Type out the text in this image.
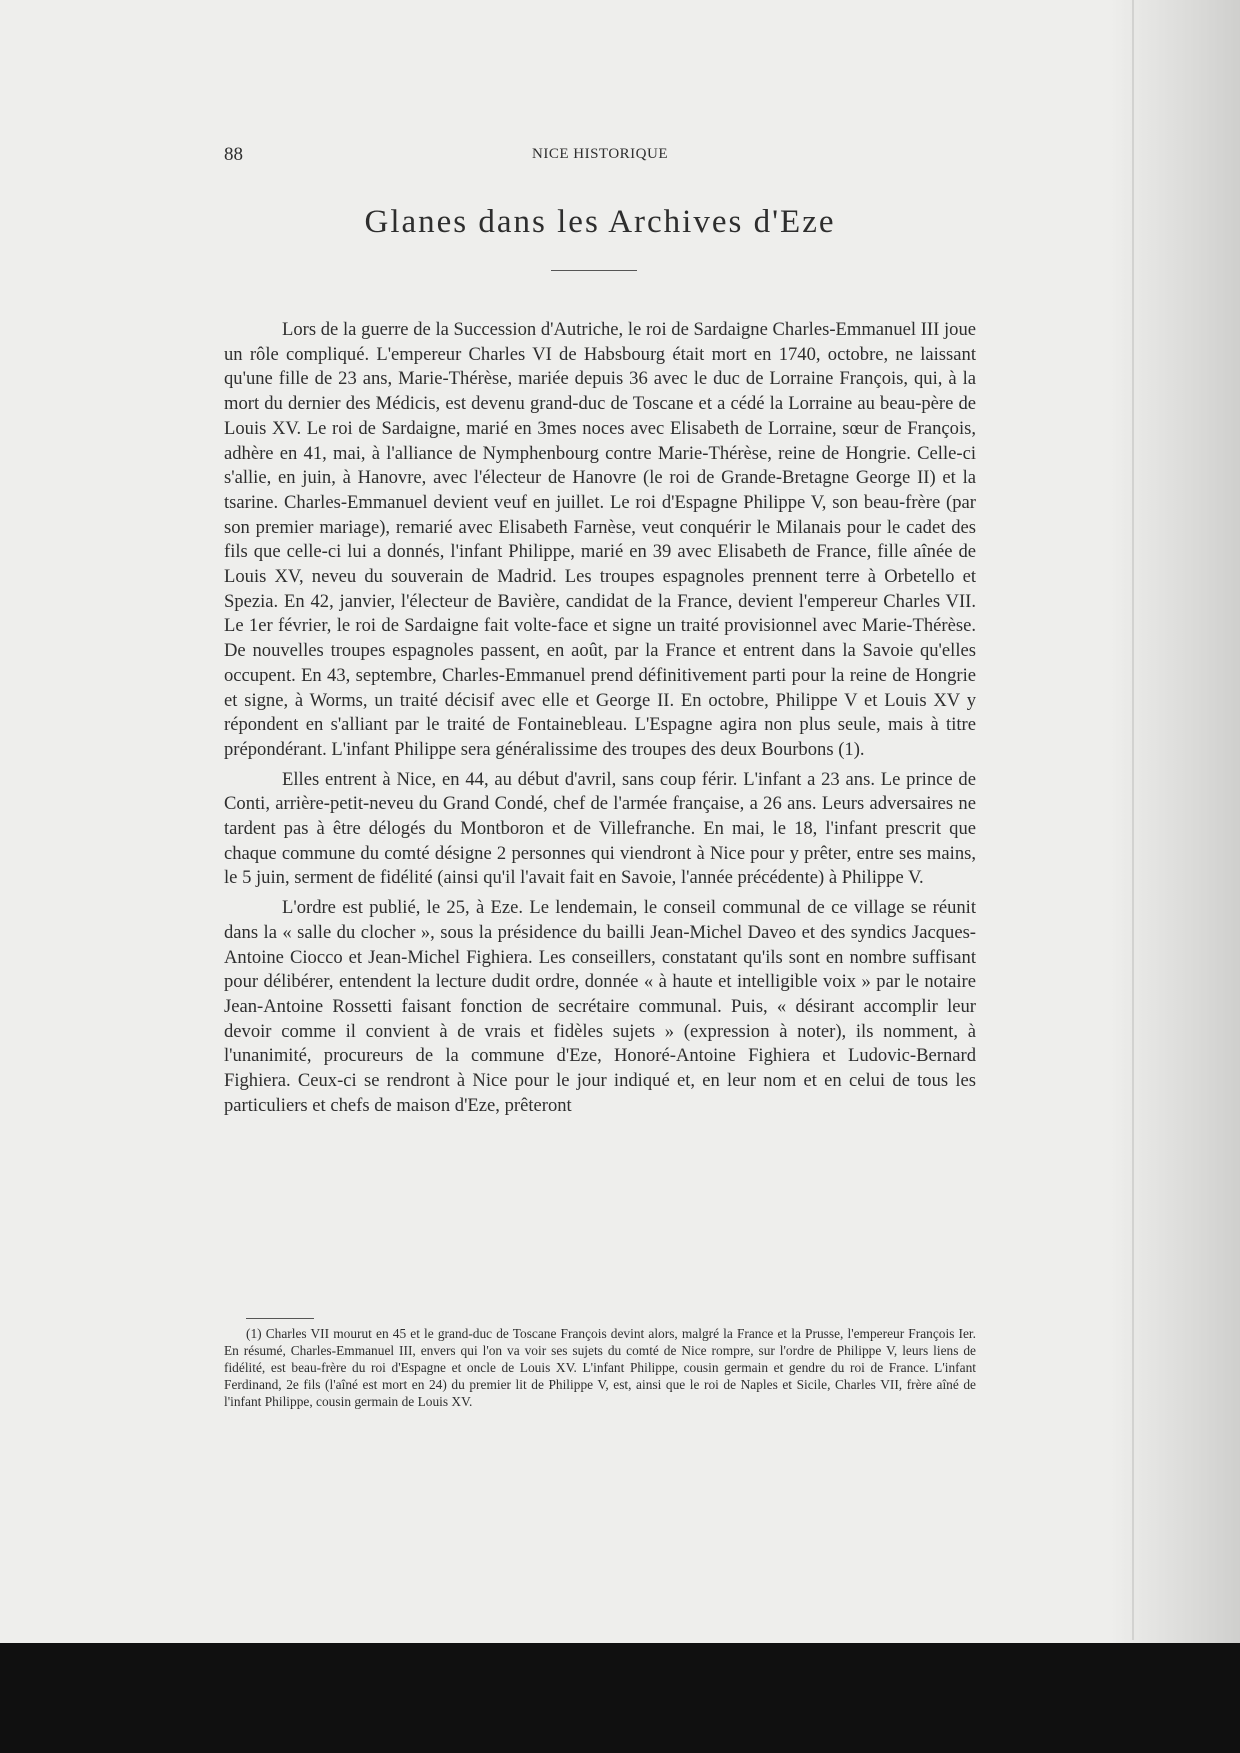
88	NICE HISTORIQUE
Glanes dans les Archives d'Eze

Lors de la guerre de la Succession d'Autriche, le roi de Sardaigne Charles-Emmanuel III joue un rôle compliqué. L'empereur Charles VI de Habsbourg était mort en 1740, octobre, ne laissant qu'une fille de 23 ans, Marie-Thérèse, mariée depuis 36 avec le duc de Lorraine François, qui, à la mort du dernier des Médicis, est devenu grand-duc de Toscane et a cédé la Lorraine au beau-père de Louis XV. Le roi de Sardaigne, marié en 3mes noces avec Elisabeth de Lorraine, sœur de François, adhère en 41, mai, à l'alliance de Nymphenbourg contre Marie-Thérèse, reine de Hongrie. Celle-ci s'allie, en juin, à Hanovre, avec l'électeur de Hanovre (le roi de Grande-Bretagne George II) et la tsarine. Charles-Emmanuel devient veuf en juillet. Le roi d'Espagne Philippe V, son beau-frère (par son premier mariage), remarié avec Elisabeth Farnèse, veut conquérir le Milanais pour le cadet des fils que celle-ci lui a donnés, l'infant Philippe, marié en 39 avec Elisabeth de France, fille aînée de Louis XV, neveu du souverain de Madrid. Les troupes espagnoles prennent terre à Orbetello et Spezia. En 42, janvier, l'électeur de Bavière, candidat de la France, devient l'empereur Charles VII. Le 1er février, le roi de Sardaigne fait volte-face et signe un traité provisionnel avec Marie-Thérèse. De nouvelles troupes espagnoles passent, en août, par la France et entrent dans la Savoie qu'elles occupent. En 43, septembre, Charles-Emmanuel prend définitivement parti pour la reine de Hongrie et signe, à Worms, un traité décisif avec elle et George II. En octobre, Philippe V et Louis XV y répondent en s'alliant par le traité de Fontainebleau. L'Espagne agira non plus seule, mais à titre prépondérant. L'infant Philippe sera généralissime des troupes des deux Bourbons (1).

Elles entrent à Nice, en 44, au début d'avril, sans coup férir. L'infant a 23 ans. Le prince de Conti, arrière-petit-neveu du Grand Condé, chef de l'armée française, a 26 ans. Leurs adversaires ne tardent pas à être délogés du Montboron et de Villefranche. En mai, le 18, l'infant prescrit que chaque commune du comté désigne 2 personnes qui viendront à Nice pour y prêter, entre ses mains, le 5 juin, serment de fidélité (ainsi qu'il l'avait fait en Savoie, l'année précédente) à Philippe V.

L'ordre est publié, le 25, à Eze. Le lendemain, le conseil communal de ce village se réunit dans la « salle du clocher », sous la présidence du bailli Jean-Michel Daveo et des syndics Jacques-Antoine Ciocco et Jean-Michel Fighiera. Les conseillers, constatant qu'ils sont en nombre suffisant pour délibérer, entendent la lecture dudit ordre, donnée « à haute et intelligible voix » par le notaire Jean-Antoine Rossetti faisant fonction de secrétaire communal. Puis, « désirant accomplir leur devoir comme il convient à de vrais et fidèles sujets » (expression à noter), ils nomment, à l'unanimité, procureurs de la commune d'Eze, Honoré-Antoine Fighiera et Ludovic-Bernard Fighiera. Ceux-ci se rendront à Nice pour le jour indiqué et, en leur nom et en celui de tous les particuliers et chefs de maison d'Eze, prêteront

(1) Charles VII mourut en 45 et le grand-duc de Toscane François devint alors, malgré la France et la Prusse, l'empereur François Ier. En résumé, Charles-Emmanuel III, envers qui l'on va voir ses sujets du comté de Nice rompre, sur l'ordre de Philippe V, leurs liens de fidélité, est beau-frère du roi d'Espagne et oncle de Louis XV. L'infant Philippe, cousin germain et gendre du roi de France. L'infant Ferdinand, 2e fils (l'aîné est mort en 24) du premier lit de Philippe V, est, ainsi que le roi de Naples et Sicile, Charles VII, frère aîné de l'infant Philippe, cousin germain de Louis XV.
